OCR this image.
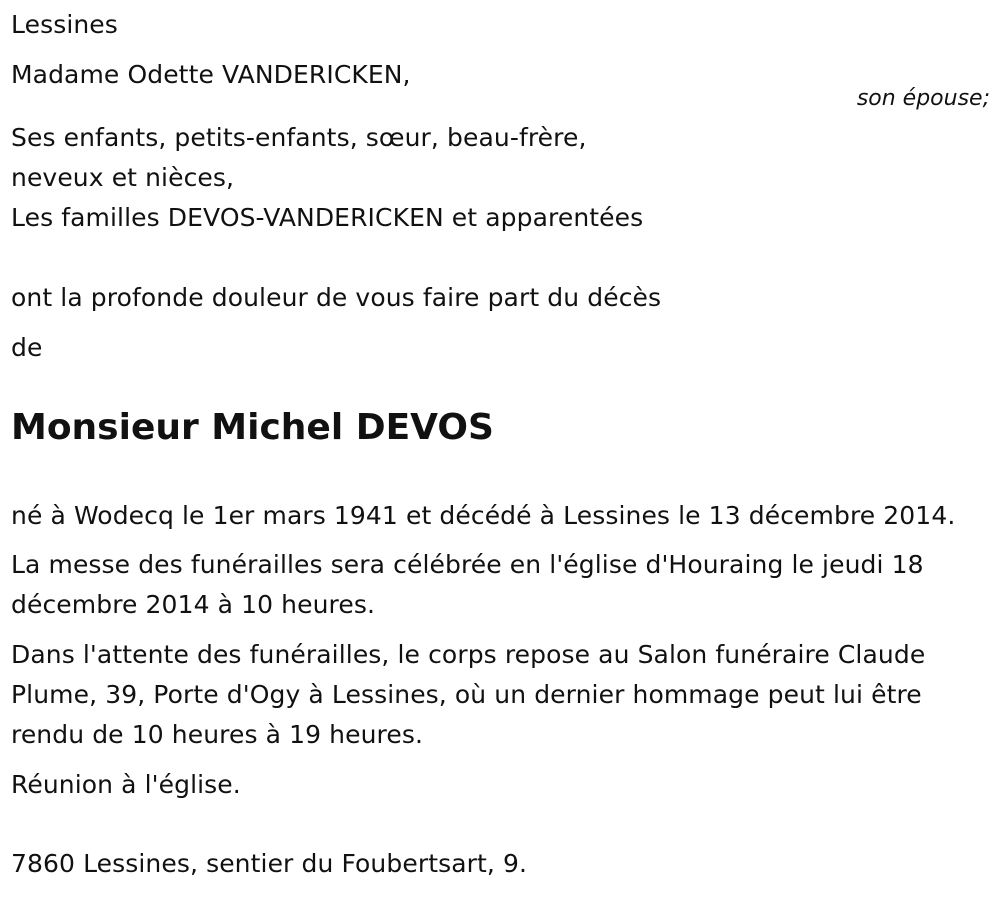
Lessines
Madame Odette VANDERICKEN,
son épouse;
Ses enfants, petits-enfants, sœur, beau-frère,
neveux et nièces,
Les familles DEVOS-VANDERICKEN et apparentées
ont la profonde douleur de vous faire part du décès
de
Monsieur Michel DEVOS
né à Wodecq le 1er mars 1941 et décédé à Lessines le 13 décembre 2014.
La messe des funérailles sera célébrée en l'église d'Houraing le jeudi 18
décembre 2014 à 10 heures.
Dans l'attente des funérailles, le corps repose au Salon funéraire Claude
Plume, 39, Porte d'Ogy à Lessines, où un dernier hommage peut lui être
rendu de 10 heures à 19 heures.
Réunion à l'église.
7860 Lessines, sentier du Foubertsart, 9.
